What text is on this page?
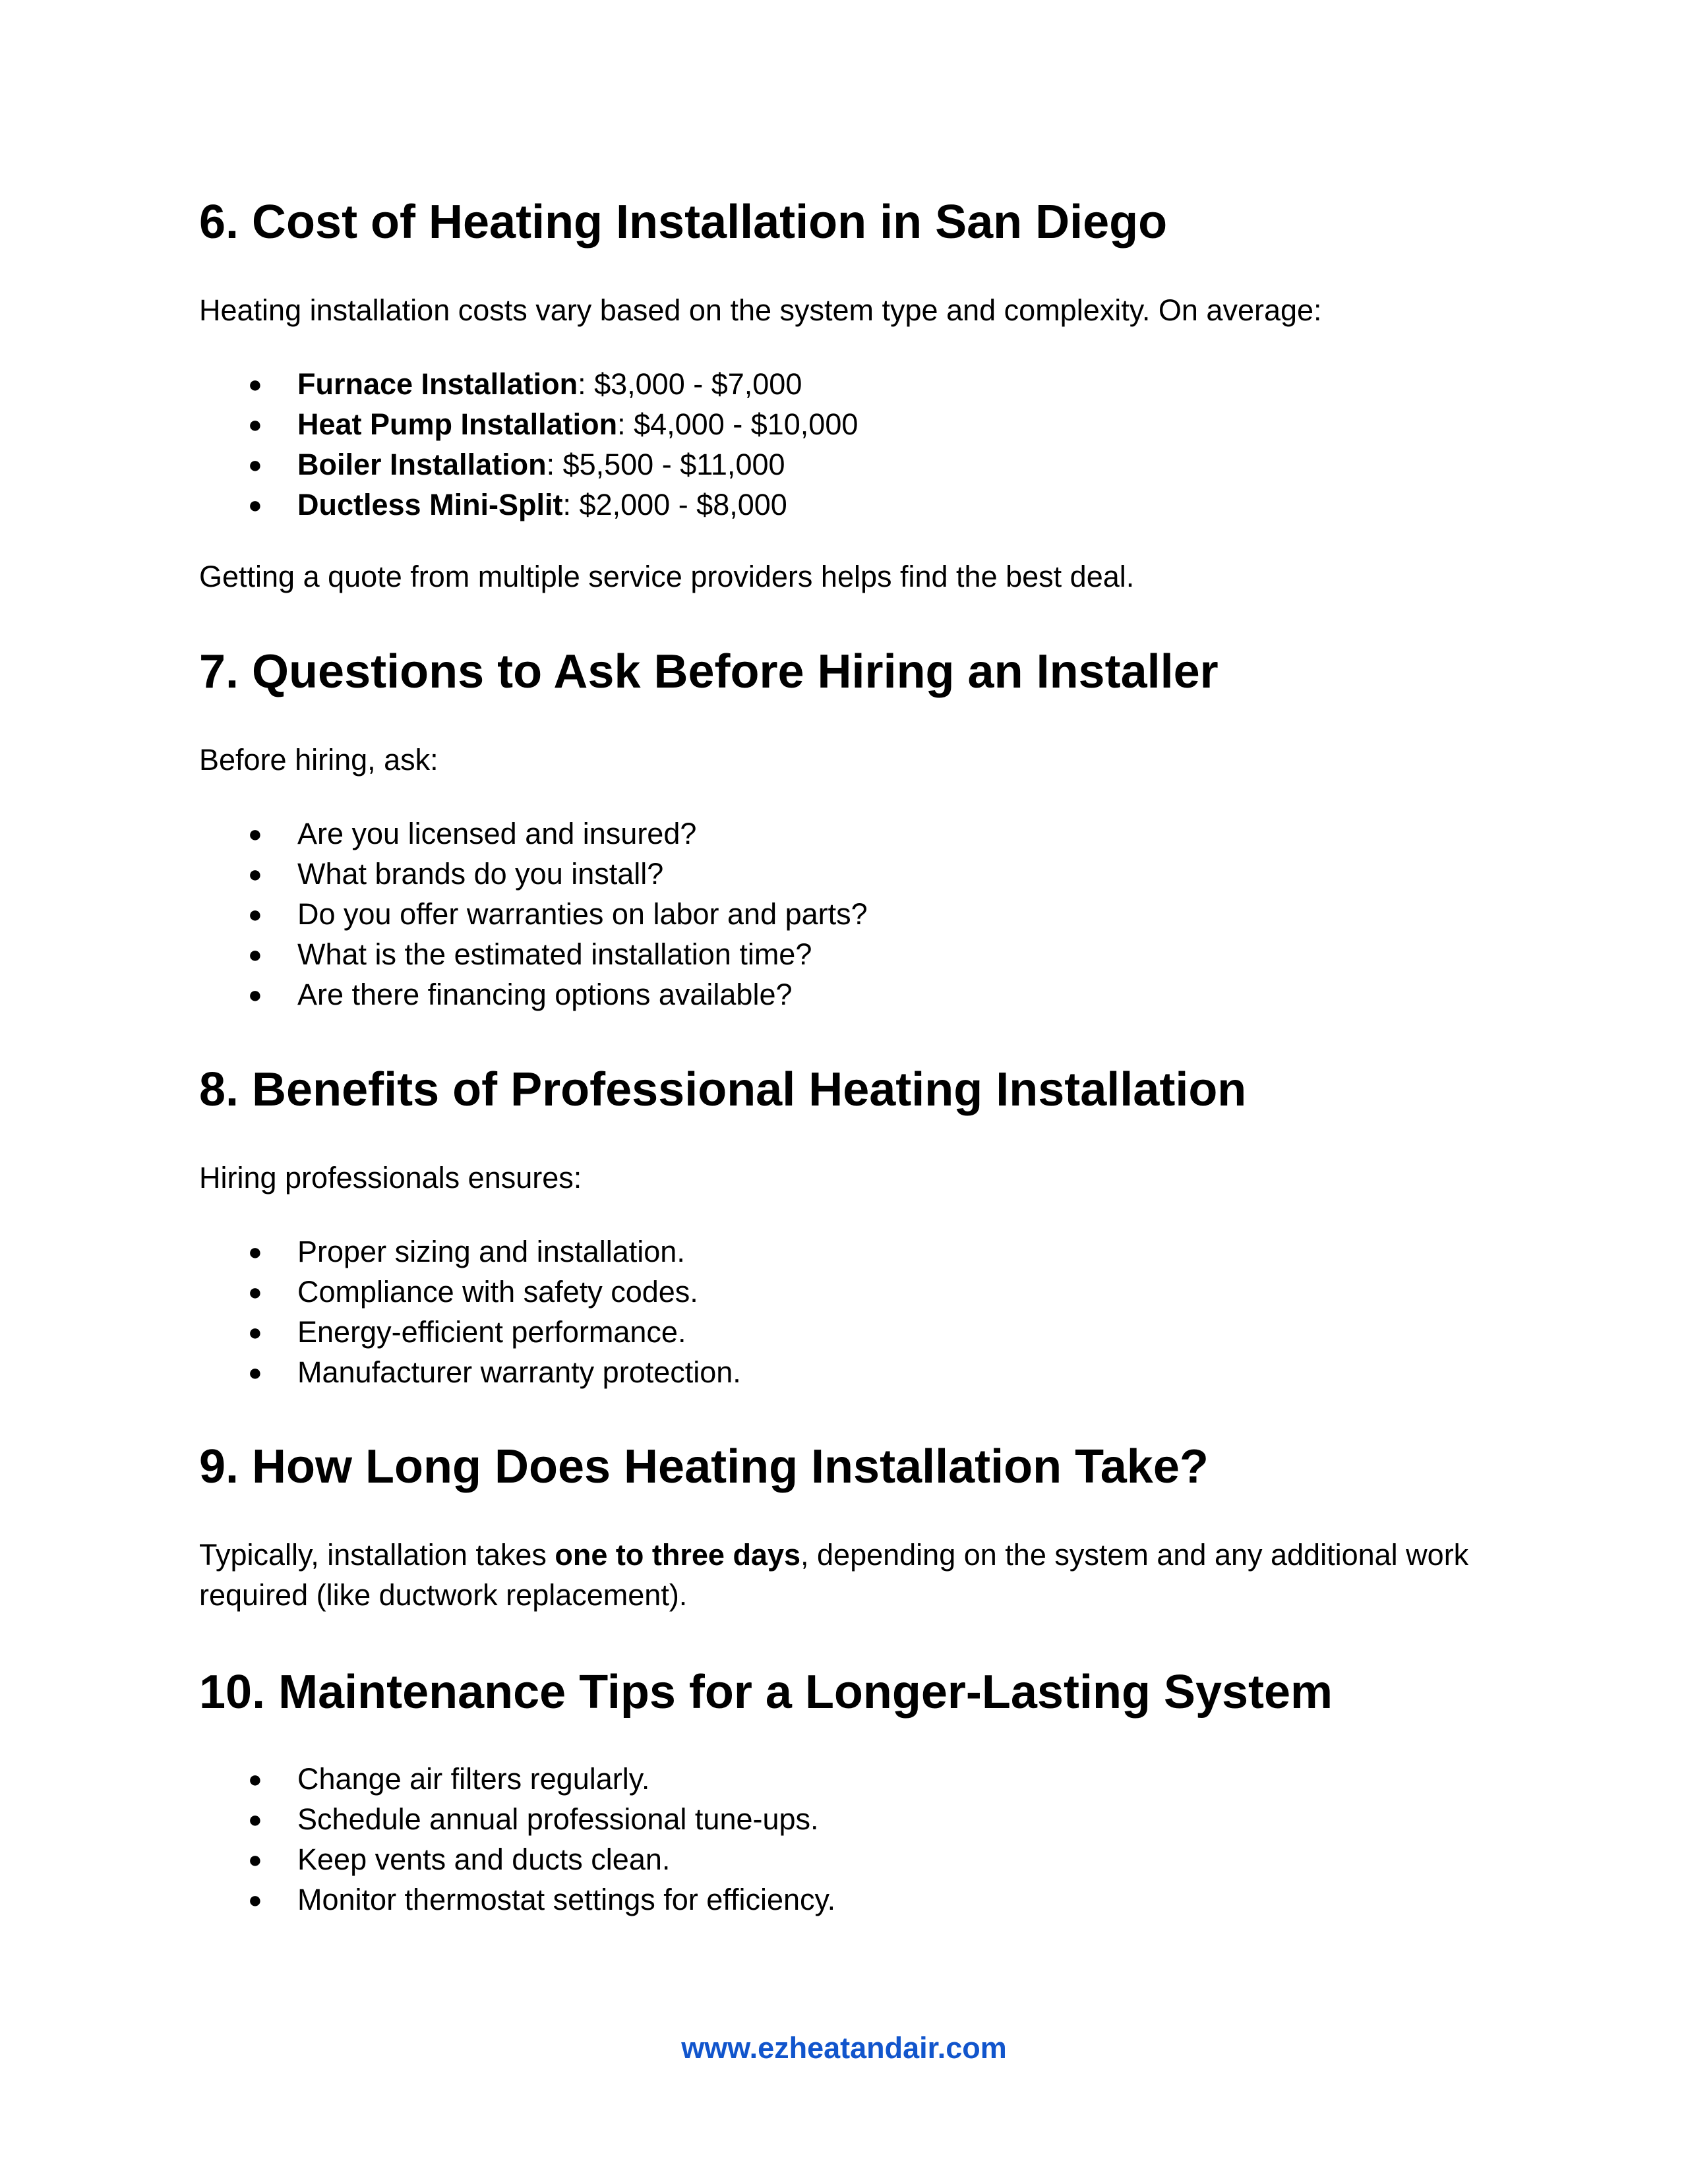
6. Cost of Heating Installation in San Diego

Heating installation costs vary based on the system type and complexity. On average:

● Furnace Installation: $3,000 - $7,000
● Heat Pump Installation: $4,000 - $10,000
● Boiler Installation: $5,500 - $11,000
● Ductless Mini-Split: $2,000 - $8,000

Getting a quote from multiple service providers helps find the best deal.

7. Questions to Ask Before Hiring an Installer

Before hiring, ask:

● Are you licensed and insured?
● What brands do you install?
● Do you offer warranties on labor and parts?
● What is the estimated installation time?
● Are there financing options available?
8. Benefits of Professional Heating Installation

Hiring professionals ensures:

● Proper sizing and installation.
● Compliance with safety codes.
● Energy-efficient performance.
● Manufacturer warranty protection.
9. How Long Does Heating Installation Take?

Typically, installation takes one to three days, depending on the system and any additional work required (like ductwork replacement).

10. Maintenance Tips for a Longer-Lasting System
● Change air filters regularly.
● Schedule annual professional tune-ups.
● Keep vents and ducts clean.
● Monitor thermostat settings for efficiency.
www.ezheatandair.com
